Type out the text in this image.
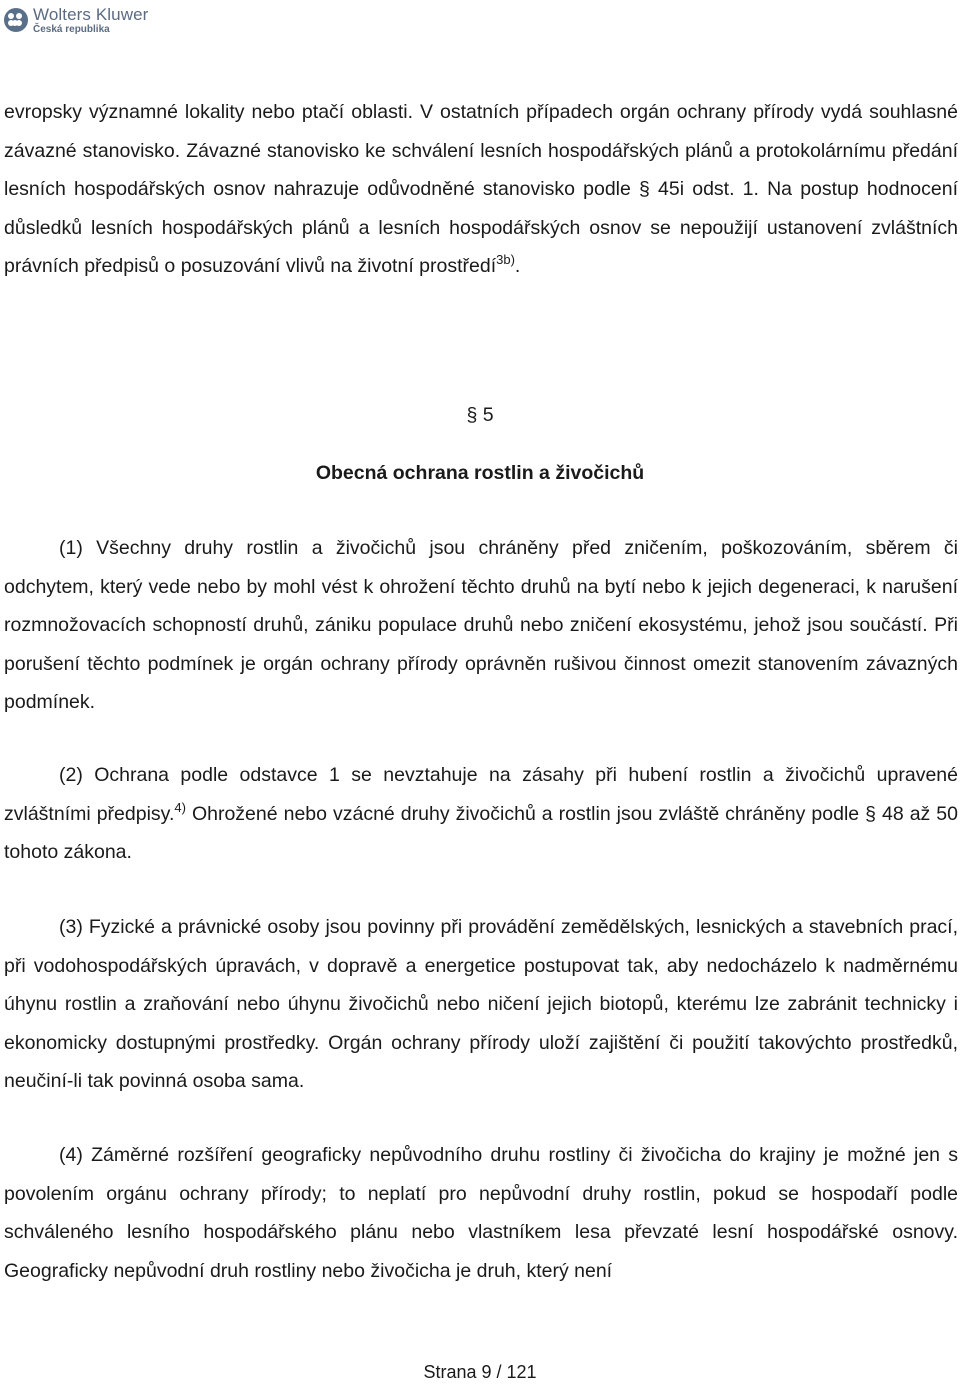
Wolters Kluwer
Česká republika

evropsky významné lokality nebo ptačí oblasti. V ostatních případech orgán ochrany přírody vydá souhlasné závazné stanovisko. Závazné stanovisko ke schválení lesních hospodářských plánů a protokolárnímu předání lesních hospodářských osnov nahrazuje odůvodněné stanovisko podle § 45i odst. 1. Na postup hodnocení důsledků lesních hospodářských plánů a lesních hospodářských osnov se nepoužijí ustanovení zvláštních právních předpisů o posuzování vlivů na životní prostředí$^{3b)}$.

§ 5

Obecná ochrana rostlin a živočichů

(1) Všechny druhy rostlin a živočichů jsou chráněny před zničením, poškozováním, sběrem či odchytem, který vede nebo by mohl vést k ohrožení těchto druhů na bytí nebo k jejich degeneraci, k narušení rozmnožovacích schopností druhů, zániku populace druhů nebo zničení ekosystému, jehož jsou součástí. Při porušení těchto podmínek je orgán ochrany přírody oprávněn rušivou činnost omezit stanovením závazných podmínek.

(2) Ochrana podle odstavce 1 se nevztahuje na zásahy při hubení rostlin a živočichů upravené zvláštními předpisy.$^{4)}$ Ohrožené nebo vzácné druhy živočichů a rostlin jsou zvláště chráněny podle § 48 až 50 tohoto zákona.

(3) Fyzické a právnické osoby jsou povinny při provádění zemědělských, lesnických a stavebních prací, při vodohospodářských úpravách, v dopravě a energetice postupovat tak, aby nedocházelo k nadměrnému úhynu rostlin a zraňování nebo úhynu živočichů nebo ničení jejich biotopů, kterému lze zabránit technicky i ekonomicky dostupnými prostředky. Orgán ochrany přírody uloží zajištění či použití takovýchto prostředků, neučiní-li tak povinná osoba sama.

(4) Záměrné rozšíření geograficky nepůvodního druhu rostliny či živočicha do krajiny je možné jen s povolením orgánu ochrany přírody; to neplatí pro nepůvodní druhy rostlin, pokud se hospodaří podle schváleného lesního hospodářského plánu nebo vlastníkem lesa převzaté lesní hospodářské osnovy. Geograficky nepůvodní druh rostliny nebo živočicha je druh, který není

Strana 9 / 121
